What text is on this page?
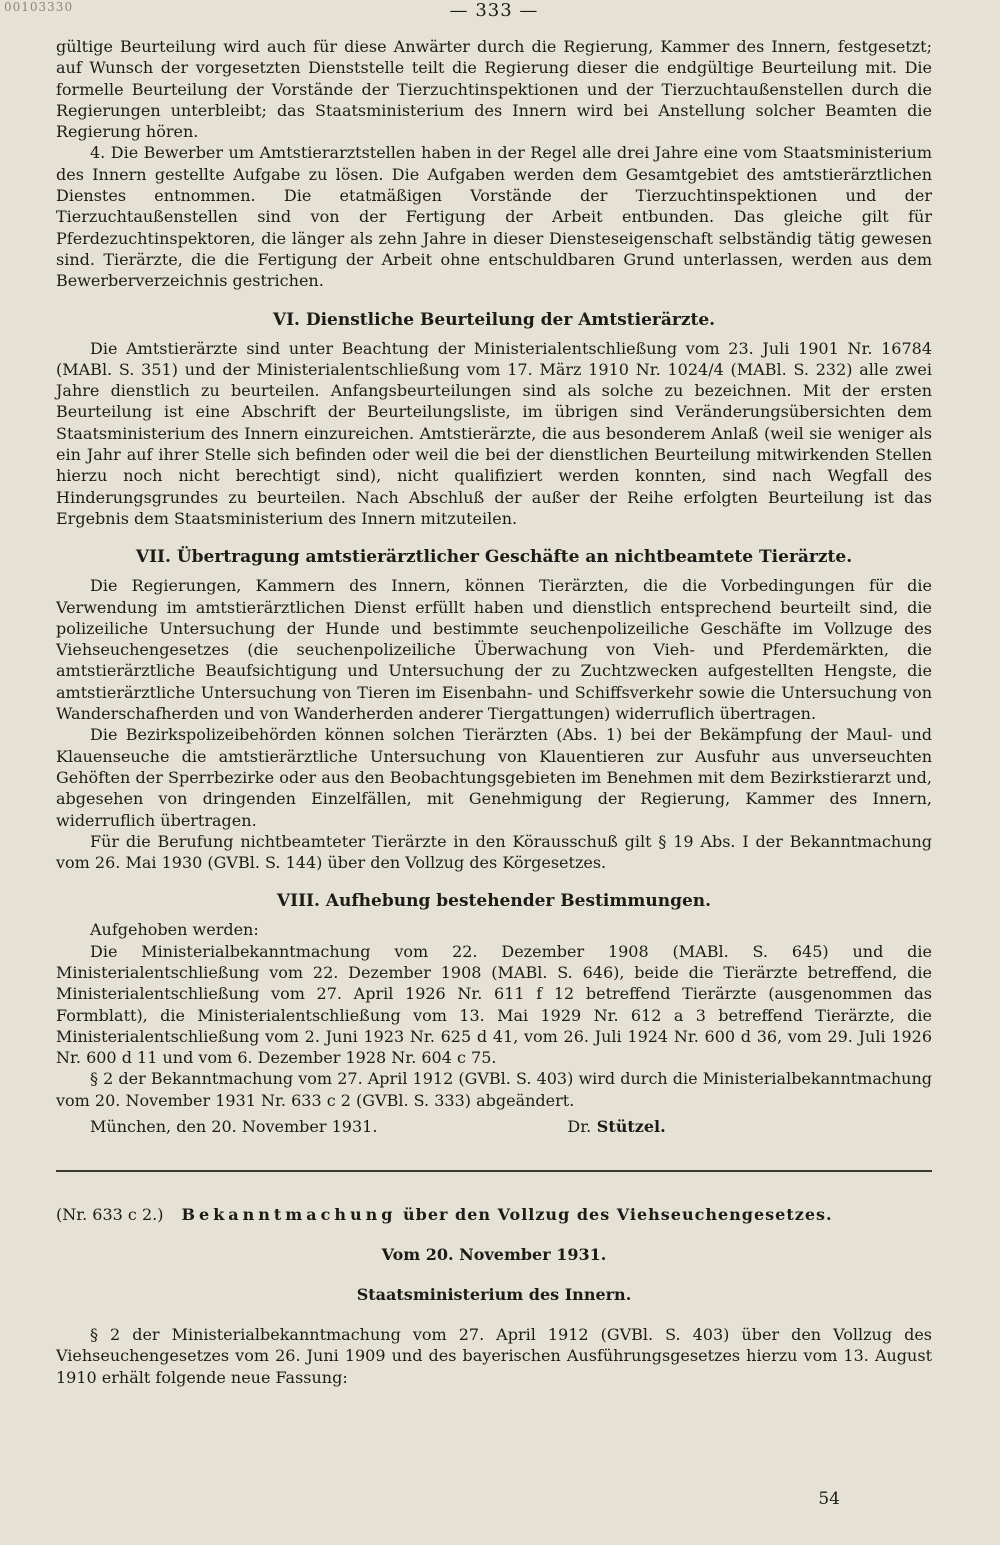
00103330	— 333 —

gültige Beurteilung wird auch für diese Anwärter durch die Regierung, Kammer des Innern, festgesetzt; auf Wunsch der vorgesetzten Dienststelle teilt die Regierung dieser die endgültige Beurteilung mit. Die formelle Beurteilung der Vorstände der Tierzuchtinspektionen und der Tierzuchtaußenstellen durch die Regierungen unterbleibt; das Staatsministerium des Innern wird bei Anstellung solcher Beamten die Regierung hören.

4. Die Bewerber um Amtstierarztstellen haben in der Regel alle drei Jahre eine vom Staatsministerium des Innern gestellte Aufgabe zu lösen. Die Aufgaben werden dem Gesamtgebiet des amtstierärztlichen Dienstes entnommen. Die etatmäßigen Vorstände der Tierzuchtinspektionen und der Tierzuchtaußenstellen sind von der Fertigung der Arbeit entbunden. Das gleiche gilt für Pferdezuchtinspektoren, die länger als zehn Jahre in dieser Diensteseigenschaft selbständig tätig gewesen sind. Tierärzte, die die Fertigung der Arbeit ohne entschuldbaren Grund unterlassen, werden aus dem Bewerberverzeichnis gestrichen.

VI. Dienstliche Beurteilung der Amtstierärzte.

Die Amtstierärzte sind unter Beachtung der Ministerialentschließung vom 23. Juli 1901 Nr. 16784 (MABl. S. 351) und der Ministerialentschließung vom 17. März 1910 Nr. 1024/4 (MABl. S. 232) alle zwei Jahre dienstlich zu beurteilen. Anfangsbeurteilungen sind als solche zu bezeichnen. Mit der ersten Beurteilung ist eine Abschrift der Beurteilungsliste, im übrigen sind Veränderungsübersichten dem Staatsministerium des Innern einzureichen. Amtstierärzte, die aus besonderem Anlaß (weil sie weniger als ein Jahr auf ihrer Stelle sich befinden oder weil die bei der dienstlichen Beurteilung mitwirkenden Stellen hierzu noch nicht berechtigt sind), nicht qualifiziert werden konnten, sind nach Wegfall des Hinderungsgrundes zu beurteilen. Nach Abschluß der außer der Reihe erfolgten Beurteilung ist das Ergebnis dem Staatsministerium des Innern mitzuteilen.

VII. Übertragung amtstierärztlicher Geschäfte an nichtbeamtete Tierärzte.

Die Regierungen, Kammern des Innern, können Tierärzten, die die Vorbedingungen für die Verwendung im amtstierärztlichen Dienst erfüllt haben und dienstlich entsprechend beurteilt sind, die polizeiliche Untersuchung der Hunde und bestimmte seuchenpolizeiliche Geschäfte im Vollzuge des Viehseuchengesetzes (die seuchenpolizeiliche Überwachung von Vieh- und Pferdemärkten, die amtstierärztliche Beaufsichtigung und Untersuchung der zu Zuchtzwecken aufgestellten Hengste, die amtstierärztliche Untersuchung von Tieren im Eisenbahn- und Schiffsverkehr sowie die Untersuchung von Wanderschafherden und von Wanderherden anderer Tiergattungen) widerruflich übertragen.

Die Bezirkspolizeibehörden können solchen Tierärzten (Abs. 1) bei der Bekämpfung der Maul- und Klauenseuche die amtstierärztliche Untersuchung von Klauentieren zur Ausfuhr aus unverseuchten Gehöften der Sperrbezirke oder aus den Beobachtungsgebieten im Benehmen mit dem Bezirkstierarzt und, abgesehen von dringenden Einzelfällen, mit Genehmigung der Regierung, Kammer des Innern, widerruflich übertragen.

Für die Berufung nichtbeamteter Tierärzte in den Körausschuß gilt § 19 Abs. I der Bekanntmachung vom 26. Mai 1930 (GVBl. S. 144) über den Vollzug des Körgesetzes.

VIII. Aufhebung bestehender Bestimmungen.

Aufgehoben werden:

Die Ministerialbekanntmachung vom 22. Dezember 1908 (MABl. S. 645) und die Ministerialentschließung vom 22. Dezember 1908 (MABl. S. 646), beide die Tierärzte betreffend, die Ministerialentschließung vom 27. April 1926 Nr. 611 f 12 betreffend Tierärzte (ausgenommen das Formblatt), die Ministerialentschließung vom 13. Mai 1929 Nr. 612 a 3 betreffend Tierärzte, die Ministerialentschließung vom 2. Juni 1923 Nr. 625 d 41, vom 26. Juli 1924 Nr. 600 d 36, vom 29. Juli 1926 Nr. 600 d 11 und vom 6. Dezember 1928 Nr. 604 c 75.

§ 2 der Bekanntmachung vom 27. April 1912 (GVBl. S. 403) wird durch die Ministerialbekanntmachung vom 20. November 1931 Nr. 633 c 2 (GVBl. S. 333) abgeändert.

München, den 20. November 1931.	Dr. Stützel.
(Nr. 633 c 2.) Bekanntmachung über den Vollzug des Viehseuchengesetzes.
Vom 20. November 1931.
Staatsministerium des Innern.

§ 2 der Ministerialbekanntmachung vom 27. April 1912 (GVBl. S. 403) über den Vollzug des Viehseuchengesetzes vom 26. Juni 1909 und des bayerischen Ausführungsgesetzes hierzu vom 13. August 1910 erhält folgende neue Fassung:

54
